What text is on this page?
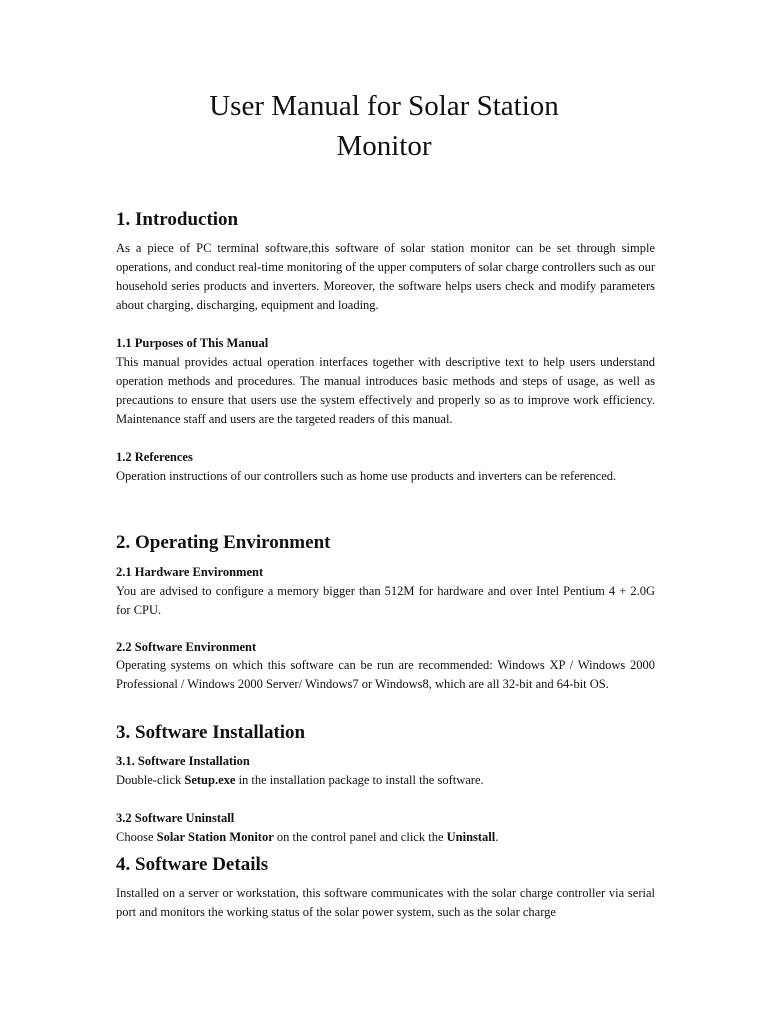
User Manual for Solar Station
Monitor
1. Introduction

As a piece of PC terminal software,this software of solar station monitor can be set through simple operations, and conduct real-time monitoring of the upper computers of solar charge controllers such as our household series products and inverters. Moreover, the software helps users check and modify parameters about charging, discharging, equipment and loading.

1.1 Purposes of This Manual

This manual provides actual operation interfaces together with descriptive text to help users understand operation methods and procedures. The manual introduces basic methods and steps of usage, as well as precautions to ensure that users use the system effectively and properly so as to improve work efficiency. Maintenance staff and users are the targeted readers of this manual.

1.2 References

Operation instructions of our controllers such as home use products and inverters can be referenced.

2. Operating Environment
2.1 Hardware Environment

You are advised to configure a memory bigger than 512M for hardware and over Intel Pentium 4 + 2.0G for CPU.

2.2 Software Environment

Operating systems on which this software can be run are recommended: Windows XP / Windows 2000 Professional / Windows 2000 Server/ Windows7 or Windows8, which are all 32-bit and 64-bit OS.

3. Software Installation
3.1. Software Installation

Double-click Setup.exe in the installation package to install the software.

3.2 Software Uninstall

Choose Solar Station Monitor on the control panel and click the Uninstall.

4. Software Details

Installed on a server or workstation, this software communicates with the solar charge controller via serial port and monitors the working status of the solar power system, such as the solar charge
